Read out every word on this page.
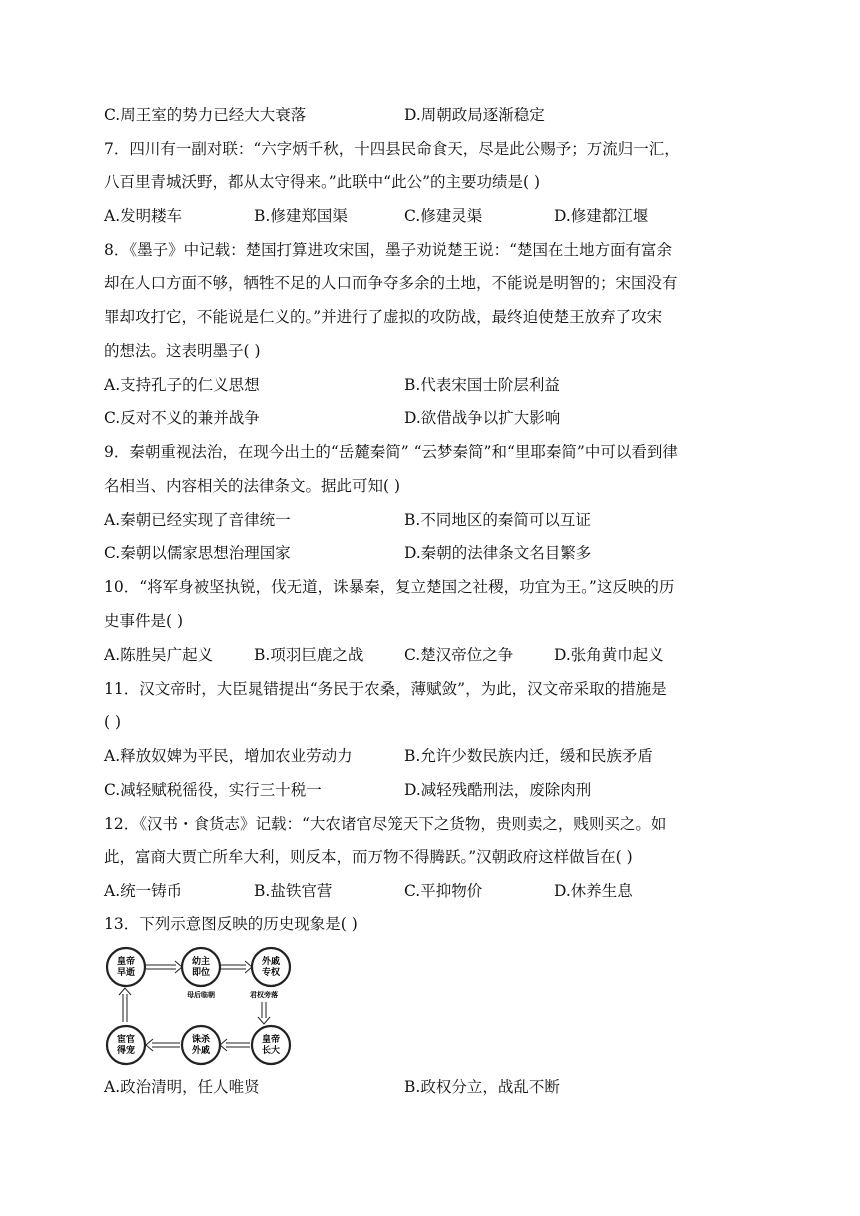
C.周王室的势力已经大大衰落	D.周朝政局逐渐稳定
7．四川有一副对联：“六字炳千秋，十四县民命食天，尽是此公赐予；万流归一汇，
八百里青城沃野，都从太守得来。”此联中“此公”的主要功绩是( )
A.发明耧车	B.修建郑国渠	C.修建灵渠	D.修建都江堰
8．《墨子》中记载：楚国打算进攻宋国，墨子劝说楚王说：“楚国在土地方面有富余
却在人口方面不够，牺牲不足的人口而争夺多余的土地，不能说是明智的；宋国没有
罪却攻打它，不能说是仁义的。”并进行了虚拟的攻防战，最终迫使楚王放弃了攻宋
的想法。这表明墨子( )
A.支持孔子的仁义思想	B.代表宋国士阶层利益
C.反对不义的兼并战争	D.欲借战争以扩大影响
9．秦朝重视法治，在现今出土的“岳麓秦简” “云梦秦简”和“里耶秦简”中可以看到律
名相当、内容相关的法律条文。据此可知( )
A.秦朝已经实现了音律统一	B.不同地区的秦简可以互证
C.秦朝以儒家思想治理国家	D.秦朝的法律条文名目繁多
10．“将军身被坚执锐，伐无道，诛暴秦，复立楚国之社稷，功宜为王。”这反映的历
史事件是( )
A.陈胜吴广起义	B.项羽巨鹿之战	C.楚汉帝位之争	D.张角黄巾起义
11．汉文帝时，大臣晁错提出“务民于农桑，薄赋敛”，为此，汉文帝采取的措施是
( )
A.释放奴婢为平民，增加农业劳动力	B.允许少数民族内迁，缓和民族矛盾
C.减轻赋税徭役，实行三十税一	D.减轻残酷刑法，废除肉刑
12．《汉书・食货志》记载：“大农诸官尽笼天下之货物，贵则卖之，贱则买之。如
此，富商大贾亡所牟大利，则反本，而万物不得腾跃。”汉朝政府这样做旨在( )
A.统一铸币	B.盐铁官营	C.平抑物价	D.休养生息
13．下列示意图反映的历史现象是( )
皇帝
早逝
幼主
即位
外戚
专权
皇帝
长大
诛杀
外戚
宦官
得宠
母后临朝	君权旁落
A.政治清明，任人唯贤	B.政权分立，战乱不断
